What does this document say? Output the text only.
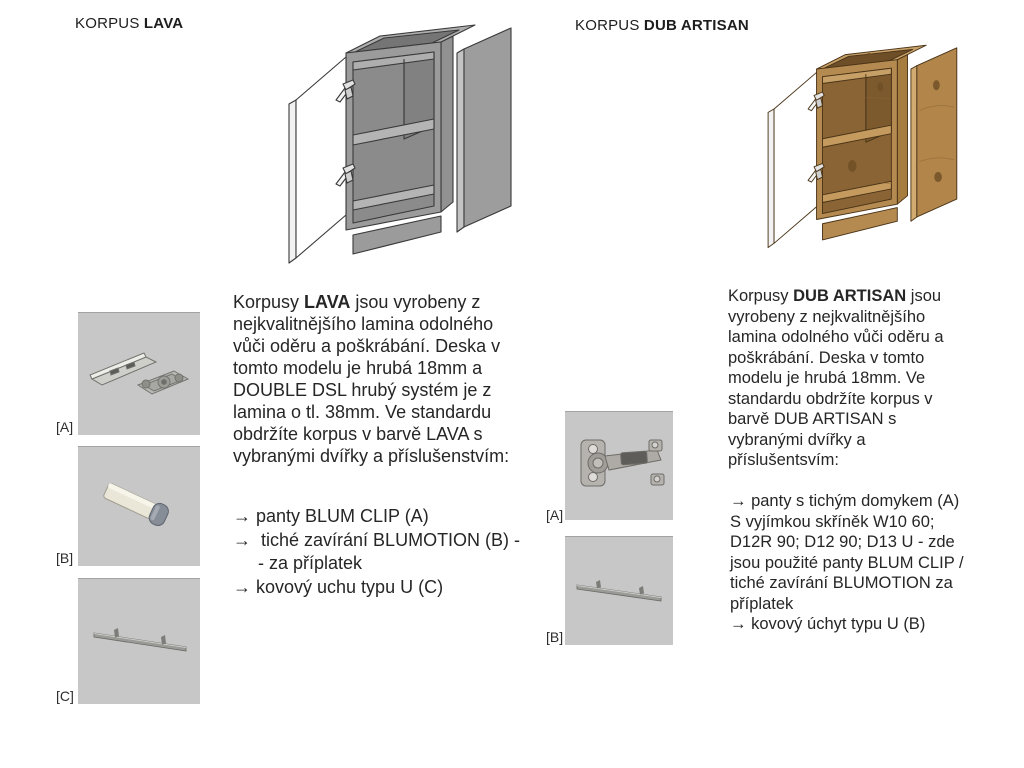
KORPUS LAVA
Korpusy LAVA jsou vyrobeny z nejkvalitnějšího lamina odolného vůči oděru a poškrábání. Deska v tomto modelu je hrubá 18mm a DOUBLE DSL hrubý systém je z lamina o tl. 38mm. Ve standardu obdržíte korpus v barvě LAVA s vybranými dvířky a příslušenstvím:
→ panty BLUM CLIP (A)
→  tiché zavírání BLUMOTION (B) -
- za příplatek
→ kovový uchu typu U (C)
[A]
[B]
[C]
KORPUS DUB ARTISAN
Korpusy DUB ARTISAN jsou vyrobeny z nejkvalitnějšího lamina odolného vůči oděru a poškrábání. Deska v tomto modelu je hrubá 18mm. Ve standardu obdržíte korpus v barvě DUB ARTISAN s vybranými dvířky a příslušentsvím:
→ panty s tichým domykem (A)
S vyjímkou skříněk W10 60;
D12R 90; D12 90; D13 U - zde
jsou použité panty BLUM CLIP /
tiché zavírání BLUMOTION za
příplatek
→ kovový úchyt typu U (B)
[A]
[B]
